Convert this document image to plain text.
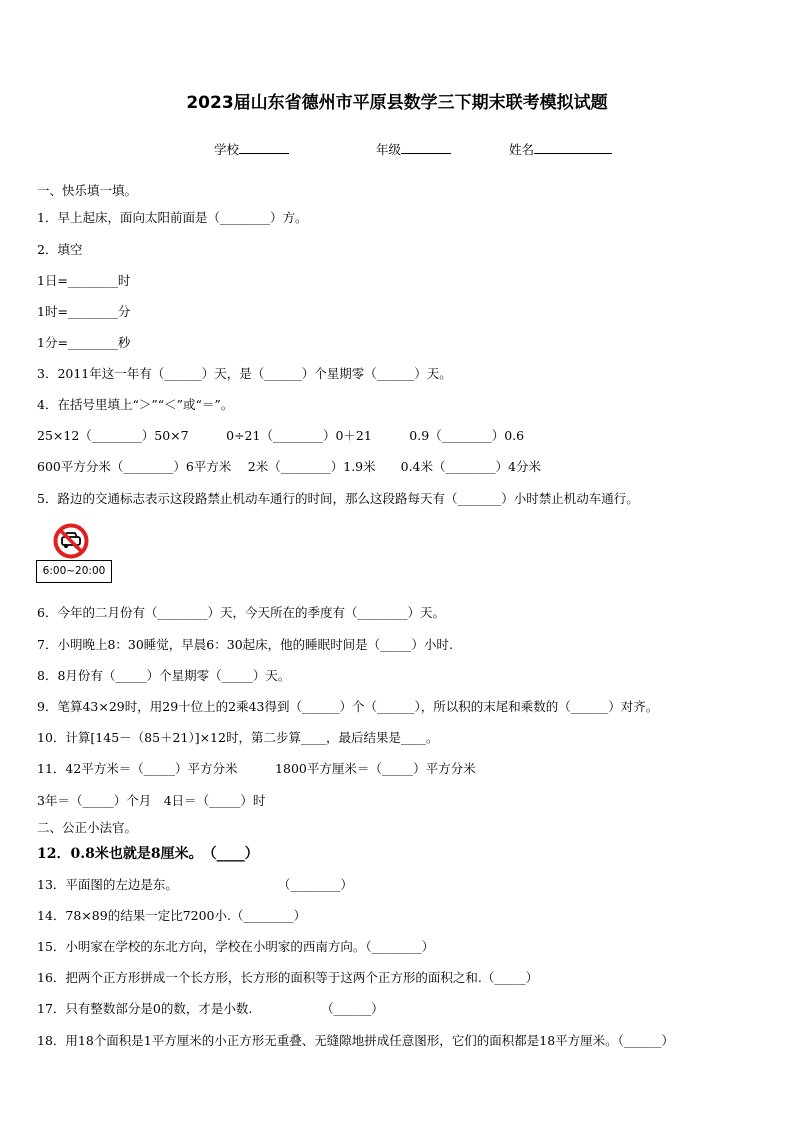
2023届山东省德州市平原县数学三下期末联考模拟试题
学校	年级	姓名
一、快乐填一填。
1．早上起床，面向太阳前面是（________）方。
2．填空
1日=________时
1时=________分
1分=________秒
3．2011年这一年有（______）天，是（______）个星期零（______）天。
4．在括号里填上“＞”“＜”或“＝”。
25×12（________）50×7　　　0÷21（________）0＋21　　　0.9（________）0.6
600平方分米（________）6平方米　 2米（________）1.9米　　0.4米（________）4分米
5．路边的交通标志表示这段路禁止机动车通行的时间，那么这段路每天有（_______）小时禁止机动车通行。
6:00~20:00
6．今年的二月份有（________）天，今天所在的季度有（________）天。
7．小明晚上8：30睡觉，早晨6：30起床，他的睡眠时间是（_____）小时.
8．8月份有（_____）个星期零（_____）天。
9．笔算43×29时，用29十位上的2乘43得到（______）个（______），所以积的末尾和乘数的（______）对齐。
10．计算[145－（85＋21）]×12时，第二步算____，最后结果是____。
11．42平方米＝（_____）平方分米　　　1800平方厘米＝（_____）平方分米
3年＝（_____）个月　4日＝（_____）时
二、公正小法官。
12．0.8米也就是8厘米。　（____）
13．平面图的左边是东。　　　　　　　　　（________）
14．78×89的结果一定比7200小.（________）
15．小明家在学校的东北方向，学校在小明家的西南方向。（________）
16．把两个正方形拼成一个长方形，长方形的面积等于这两个正方形的面积之和.（_____）
17．只有整数部分是0的数，才是小数.　　　　　　（______）
18．用18个面积是1平方厘米的小正方形无重叠、无缝隙地拼成任意图形，它们的面积都是18平方厘米。（______）
